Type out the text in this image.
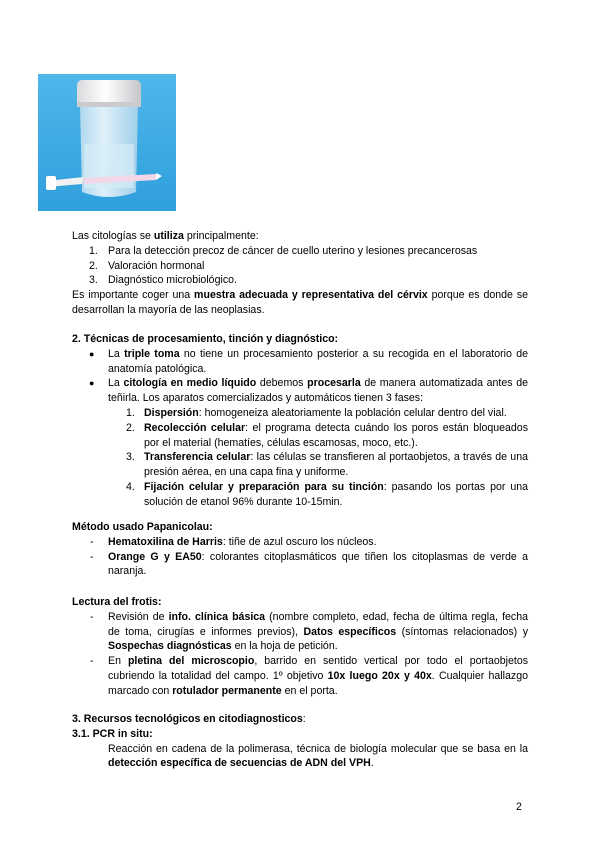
Las citologías se utiliza principalmente:

1. Para la detección precoz de cáncer de cuello uterino y lesiones precancerosas
2. Valoración hormonal
3. Diagnóstico microbiológico.

Es importante coger una muestra adecuada y representativa del cérvix porque es donde se desarrollan la mayoría de las neoplasias.

2. Técnicas de procesamiento, tinción y diagnóstico:

● La triple toma no tiene un procesamiento posterior a su recogida en el laboratorio de anatomía patológica.
● La citología en medio líquido debemos procesarla de manera automatizada antes de teñirla. Los aparatos comercializados y automáticos tienen 3 fases:
1. Dispersión: homogeneiza aleatoriamente la población celular dentro del vial.
2. Recolección celular: el programa detecta cuándo los poros están bloqueados por el material (hematíes, células escamosas, moco, etc.).
3. Transferencia celular: las células se transfieren al portaobjetos, a través de una presión aérea, en una capa fina y uniforme.
4. Fijación celular y preparación para su tinción: pasando los portas por una solución de etanol 96% durante 10-15min.

Método usado Papanicolau:

- Hematoxilina de Harris: tiñe de azul oscuro los núcleos.
- Orange G y EA50: colorantes citoplasmáticos que tiñen los citoplasmas de verde a naranja.

Lectura del frotis:

- Revisión de info. clínica básica (nombre completo, edad, fecha de última regla, fecha de toma, cirugías e informes previos), Datos específicos (síntomas relacionados) y Sospechas diagnósticas en la hoja de petición.
- En pletina del microscopio, barrido en sentido vertical por todo el portaobjetos cubriendo la totalidad del campo. 1º objetivo 10x luego 20x y 40x. Cualquier hallazgo marcado con rotulador permanente en el porta.

3. Recursos tecnológicos en citodiagnosticos:

3.1. PCR in situ:

Reacción en cadena de la polimerasa, técnica de biología molecular que se basa en la detección específica de secuencias de ADN del VPH.

2
